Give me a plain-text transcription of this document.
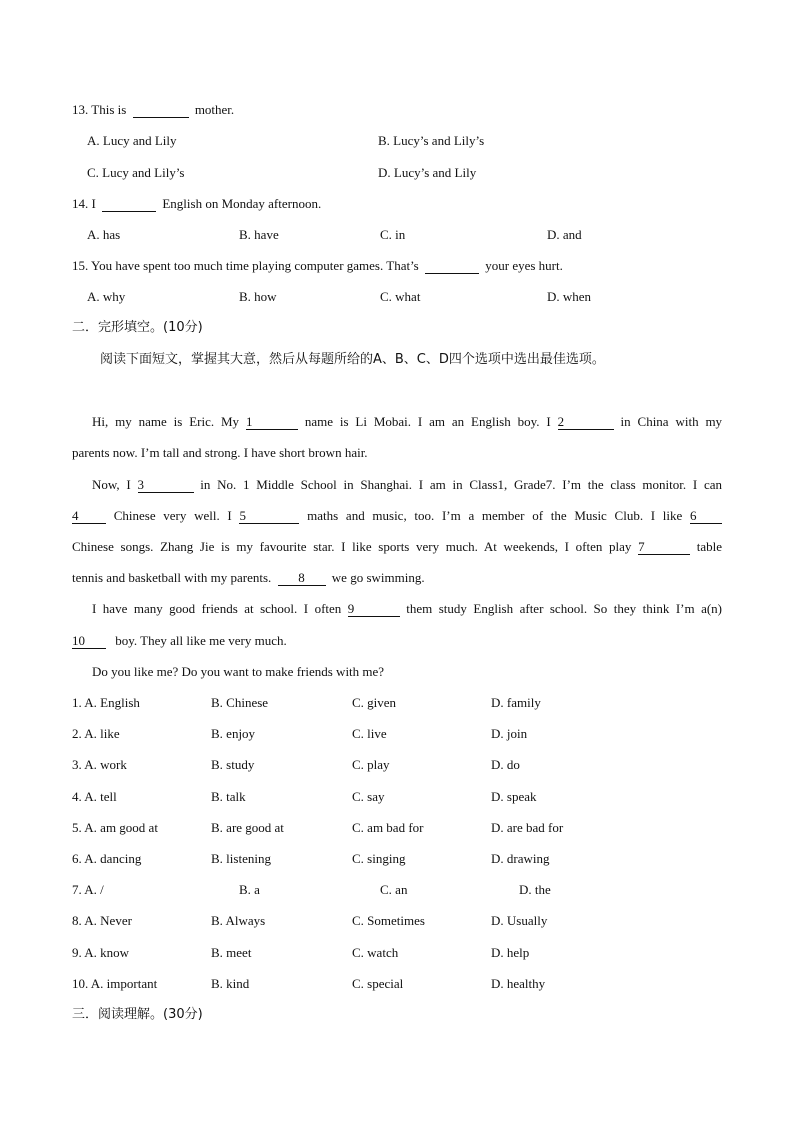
13. This is	mother.
A. Lucy and Lily	B. Lucy’s and Lily’s
C. Lucy and Lily’s	D. Lucy’s and Lily
14. I	English on Monday afternoon.
A. has	B. have	C. in	D. and
15. You have spent too much time playing computer games. That’s	your eyes hurt.
A. why	B. how	C. what	D. when
二．完形填空。(10分)
阅读下面短文，掌握其大意，然后从每题所给的A、B、C、D四个选项中选出最佳选项。
Hi, my name is Eric. My 1	name is Li Mobai. I am an English boy. I 2	in China with my
parents now. I’m tall and strong. I have short brown hair.
Now, I 3	in No. 1 Middle School in Shanghai. I am in Class1, Grade7. I’m the class monitor. I can
4	Chinese very well. I 5	maths and music, too. I’m a member of the Music Club. I like 6
Chinese songs. Zhang Jie is my favourite star. I like sports very much. At weekends, I often play 7	table
tennis and basketball with my parents. 8 we go swimming.
I have many good friends at school. I often 9	them study English after school. So they think I’m a(n)
10 boy. They all like me very much.
Do you like me? Do you want to make friends with me?
1. A. English	B. Chinese	C. given	D. family
2. A. like	B. enjoy	C. live	D. join
3. A. work	B. study	C. play	D. do
4. A. tell	B. talk	C. say	D. speak
5. A. am good at	B. are good at	C. am bad for	D. are bad for
6. A. dancing	B. listening	C. singing	D. drawing
7. A. /	B. a	C. an	D. the
8. A. Never	B. Always	C. Sometimes	D. Usually
9. A. know	B. meet	C. watch	D. help
10. A. important	B. kind	C. special	D. healthy
三．阅读理解。(30分)
